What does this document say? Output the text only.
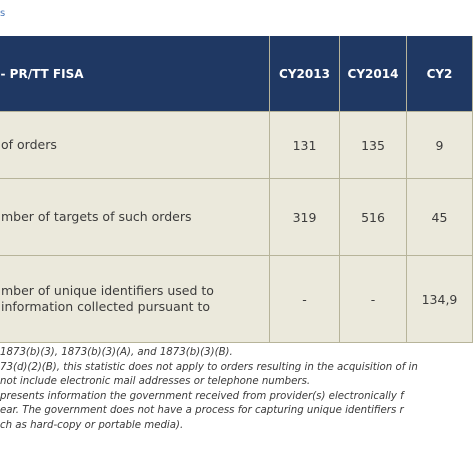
s
- PR/TT FISA	CY2013	CY2014	CY2
of orders	131	135	9
mber of targets of such orders	319	516	45

mber of unique identifiers used to
information collected pursuant to	-	-	134,9
1873(b)(3), 1873(b)(3)(A), and 1873(b)(3)(B).
73(d)(2)(B), this statistic does not apply to orders resulting in the acquisition of in
not include electronic mail addresses or telephone numbers.
presents information the government received from provider(s) electronically f
ear. The government does not have a process for capturing unique identifiers r
ch as hard-copy or portable media).
